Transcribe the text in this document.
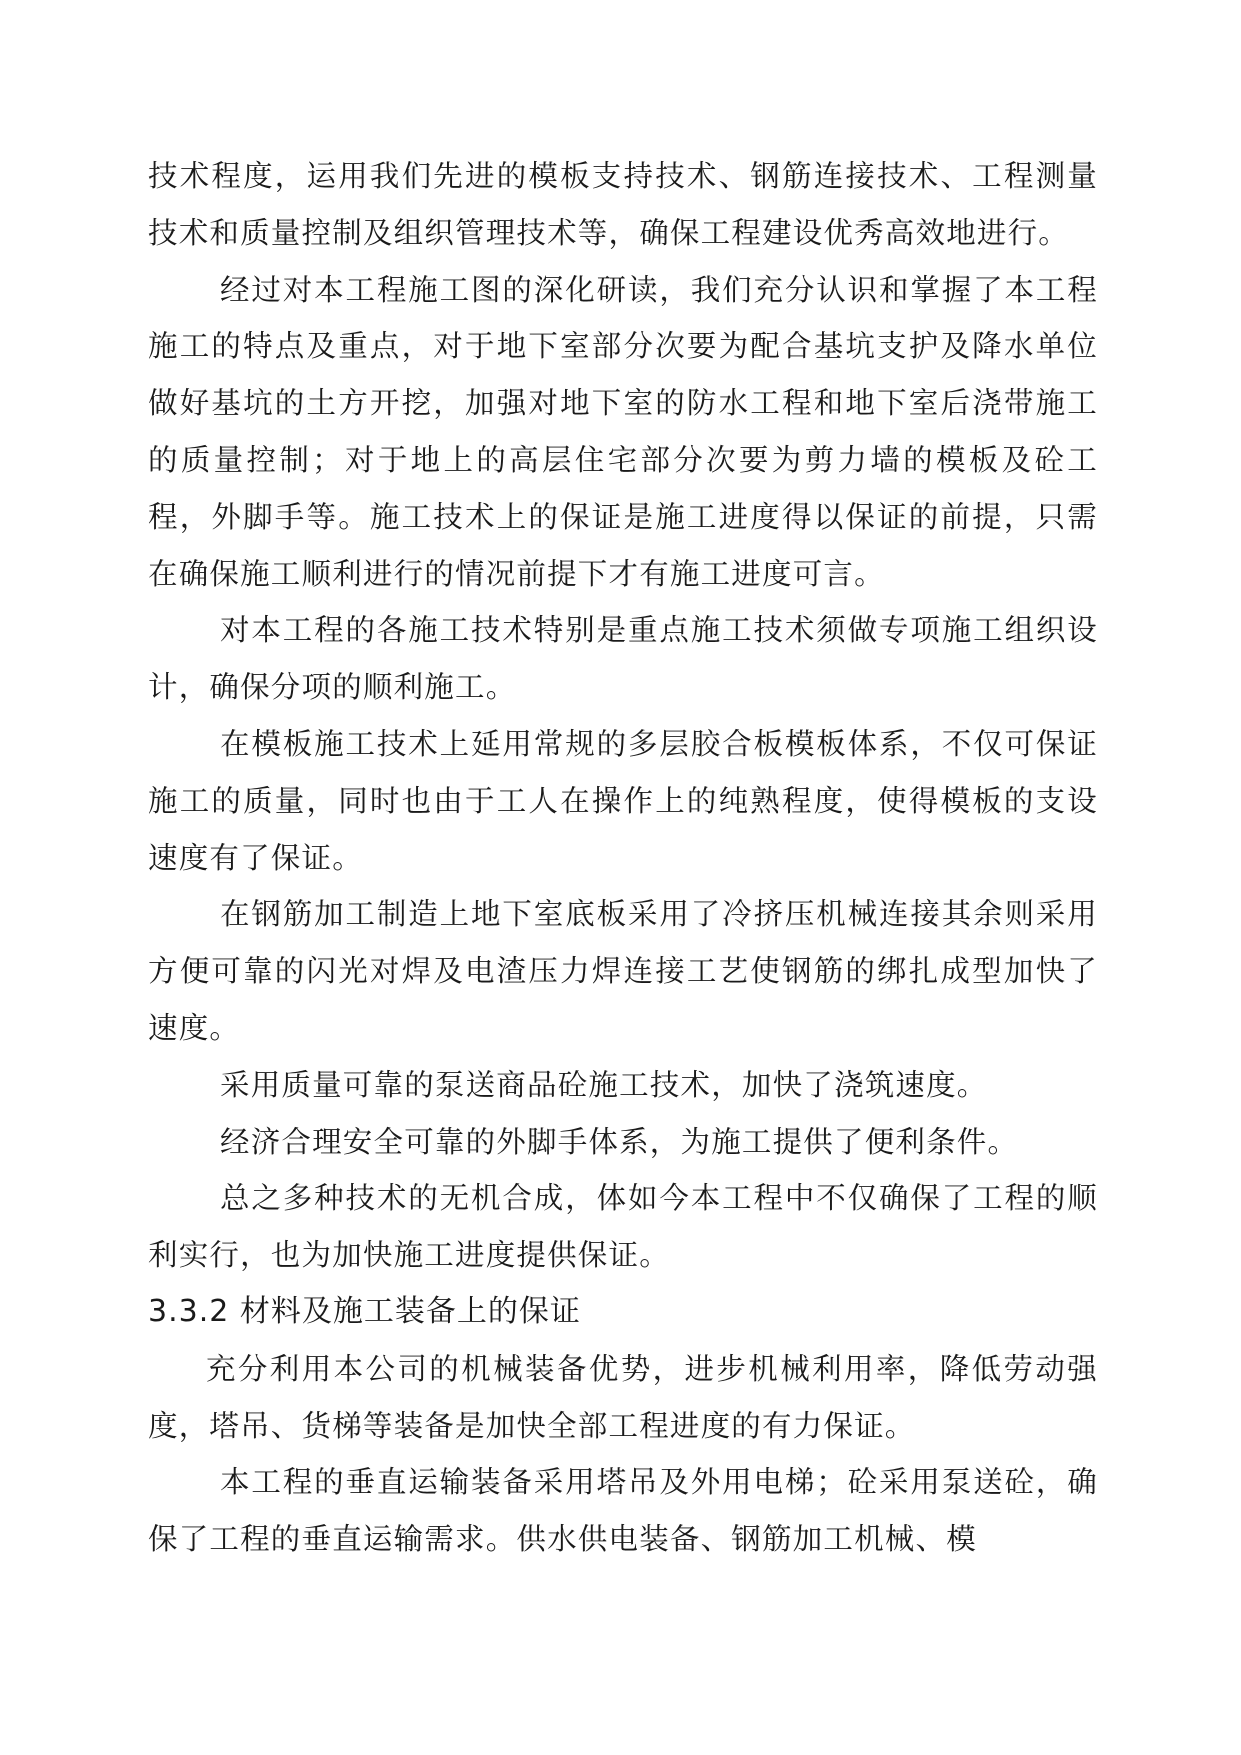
技术程度，运用我们先进的模板支持技术、钢筋连接技术、工程测量技术和质量控制及组织管理技术等，确保工程建设优秀高效地进行。

经过对本工程施工图的深化研读，我们充分认识和掌握了本工程施工的特点及重点，对于地下室部分次要为配合基坑支护及降水单位做好基坑的土方开挖，加强对地下室的防水工程和地下室后浇带施工的质量控制；对于地上的高层住宅部分次要为剪力墙的模板及砼工程，外脚手等。施工技术上的保证是施工进度得以保证的前提，只需在确保施工顺利进行的情况前提下才有施工进度可言。

对本工程的各施工技术特别是重点施工技术须做专项施工组织设计，确保分项的顺利施工。

在模板施工技术上延用常规的多层胶合板模板体系，不仅可保证施工的质量，同时也由于工人在操作上的纯熟程度，使得模板的支设速度有了保证。

在钢筋加工制造上地下室底板采用了冷挤压机械连接其余则采用方便可靠的闪光对焊及电渣压力焊连接工艺使钢筋的绑扎成型加快了速度。

采用质量可靠的泵送商品砼施工技术，加快了浇筑速度。

经济合理安全可靠的外脚手体系，为施工提供了便利条件。

总之多种技术的无机合成，体如今本工程中不仅确保了工程的顺利实行，也为加快施工进度提供保证。

3.3.2 材料及施工装备上的保证

充分利用本公司的机械装备优势，进步机械利用率，降低劳动强度，塔吊、货梯等装备是加快全部工程进度的有力保证。

本工程的垂直运输装备采用塔吊及外用电梯；砼采用泵送砼，确保了工程的垂直运输需求。供水供电装备、钢筋加工机械、模
